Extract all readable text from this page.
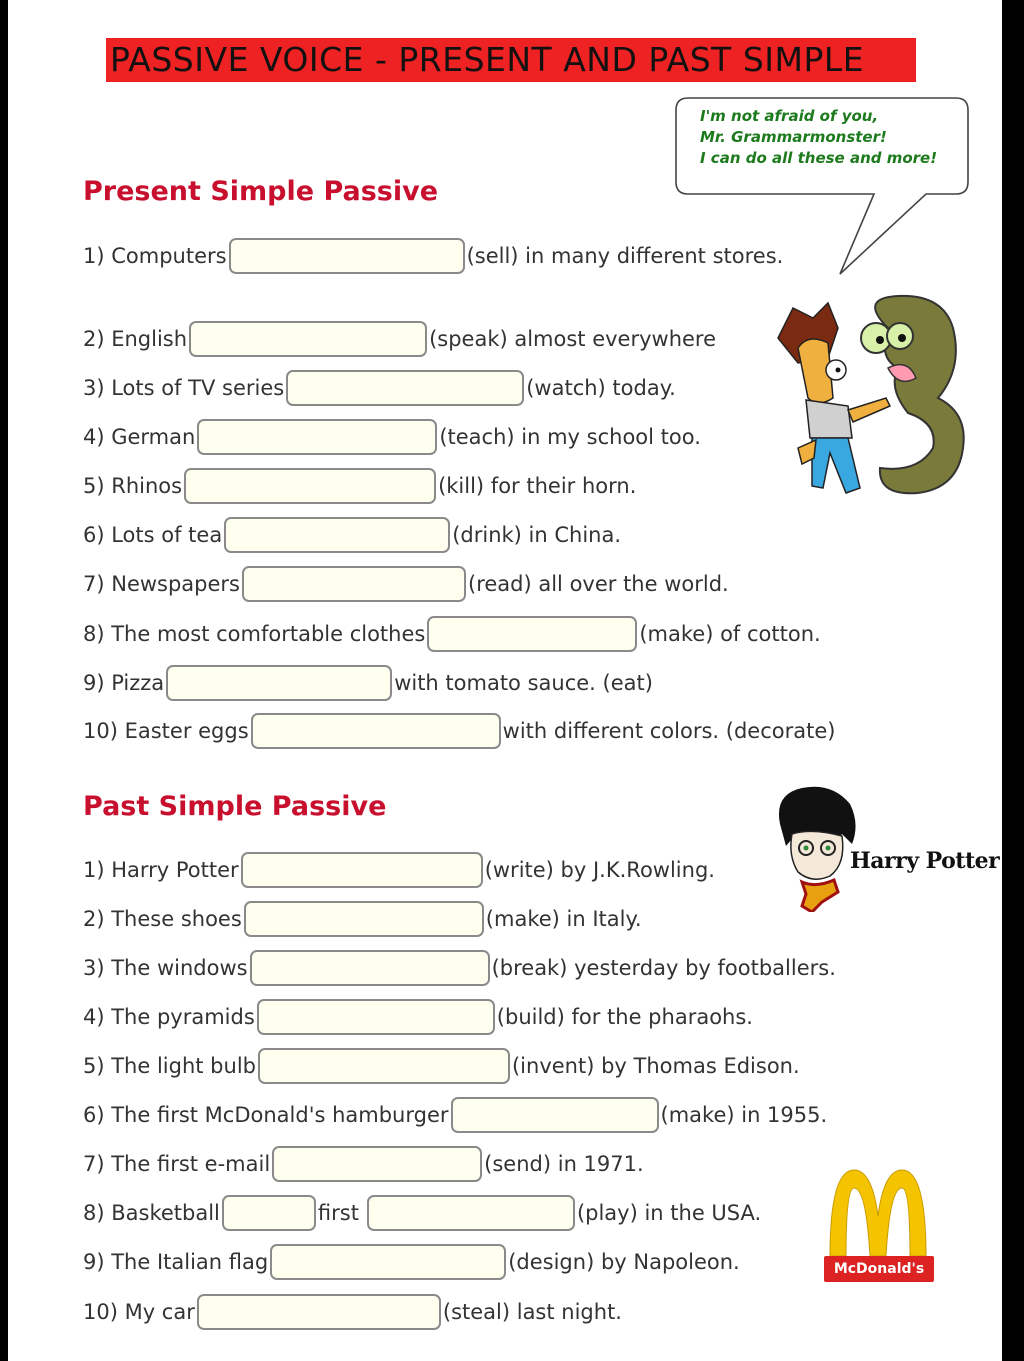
PASSIVE VOICE - PRESENT AND PAST SIMPLE
I'm not afraid of you,
Mr. Grammarmonster!
I can do all these and more!
Present Simple Passive
1) Computers	(sell) in many different stores.
2) English	(speak) almost everywhere
3) Lots of TV series	(watch) today.
4) German	(teach) in my school too.
5) Rhinos	(kill) for their horn.
6) Lots of tea	(drink) in China.
7) Newspapers	(read) all over the world.
8) The most comfortable clothes	(make) of cotton.
9) Pizza	with tomato sauce. (eat)
10) Easter eggs	with different colors. (decorate)
Past Simple Passive
1) Harry Potter	(write) by J.K.Rowling.
2) These shoes	(make) in Italy.
3) The windows	(break) yesterday by footballers.
4) The pyramids	(build) for the pharaohs.
5) The light bulb	(invent) by Thomas Edison.
6) The first McDonald's hamburger	(make) in 1955.
7) The first e-mail	(send) in 1971.
8) Basketball	first	(play) in the USA.
9) The Italian flag	(design) by Napoleon.
10) My car	(steal) last night.
Harry Potter
McDonald's
